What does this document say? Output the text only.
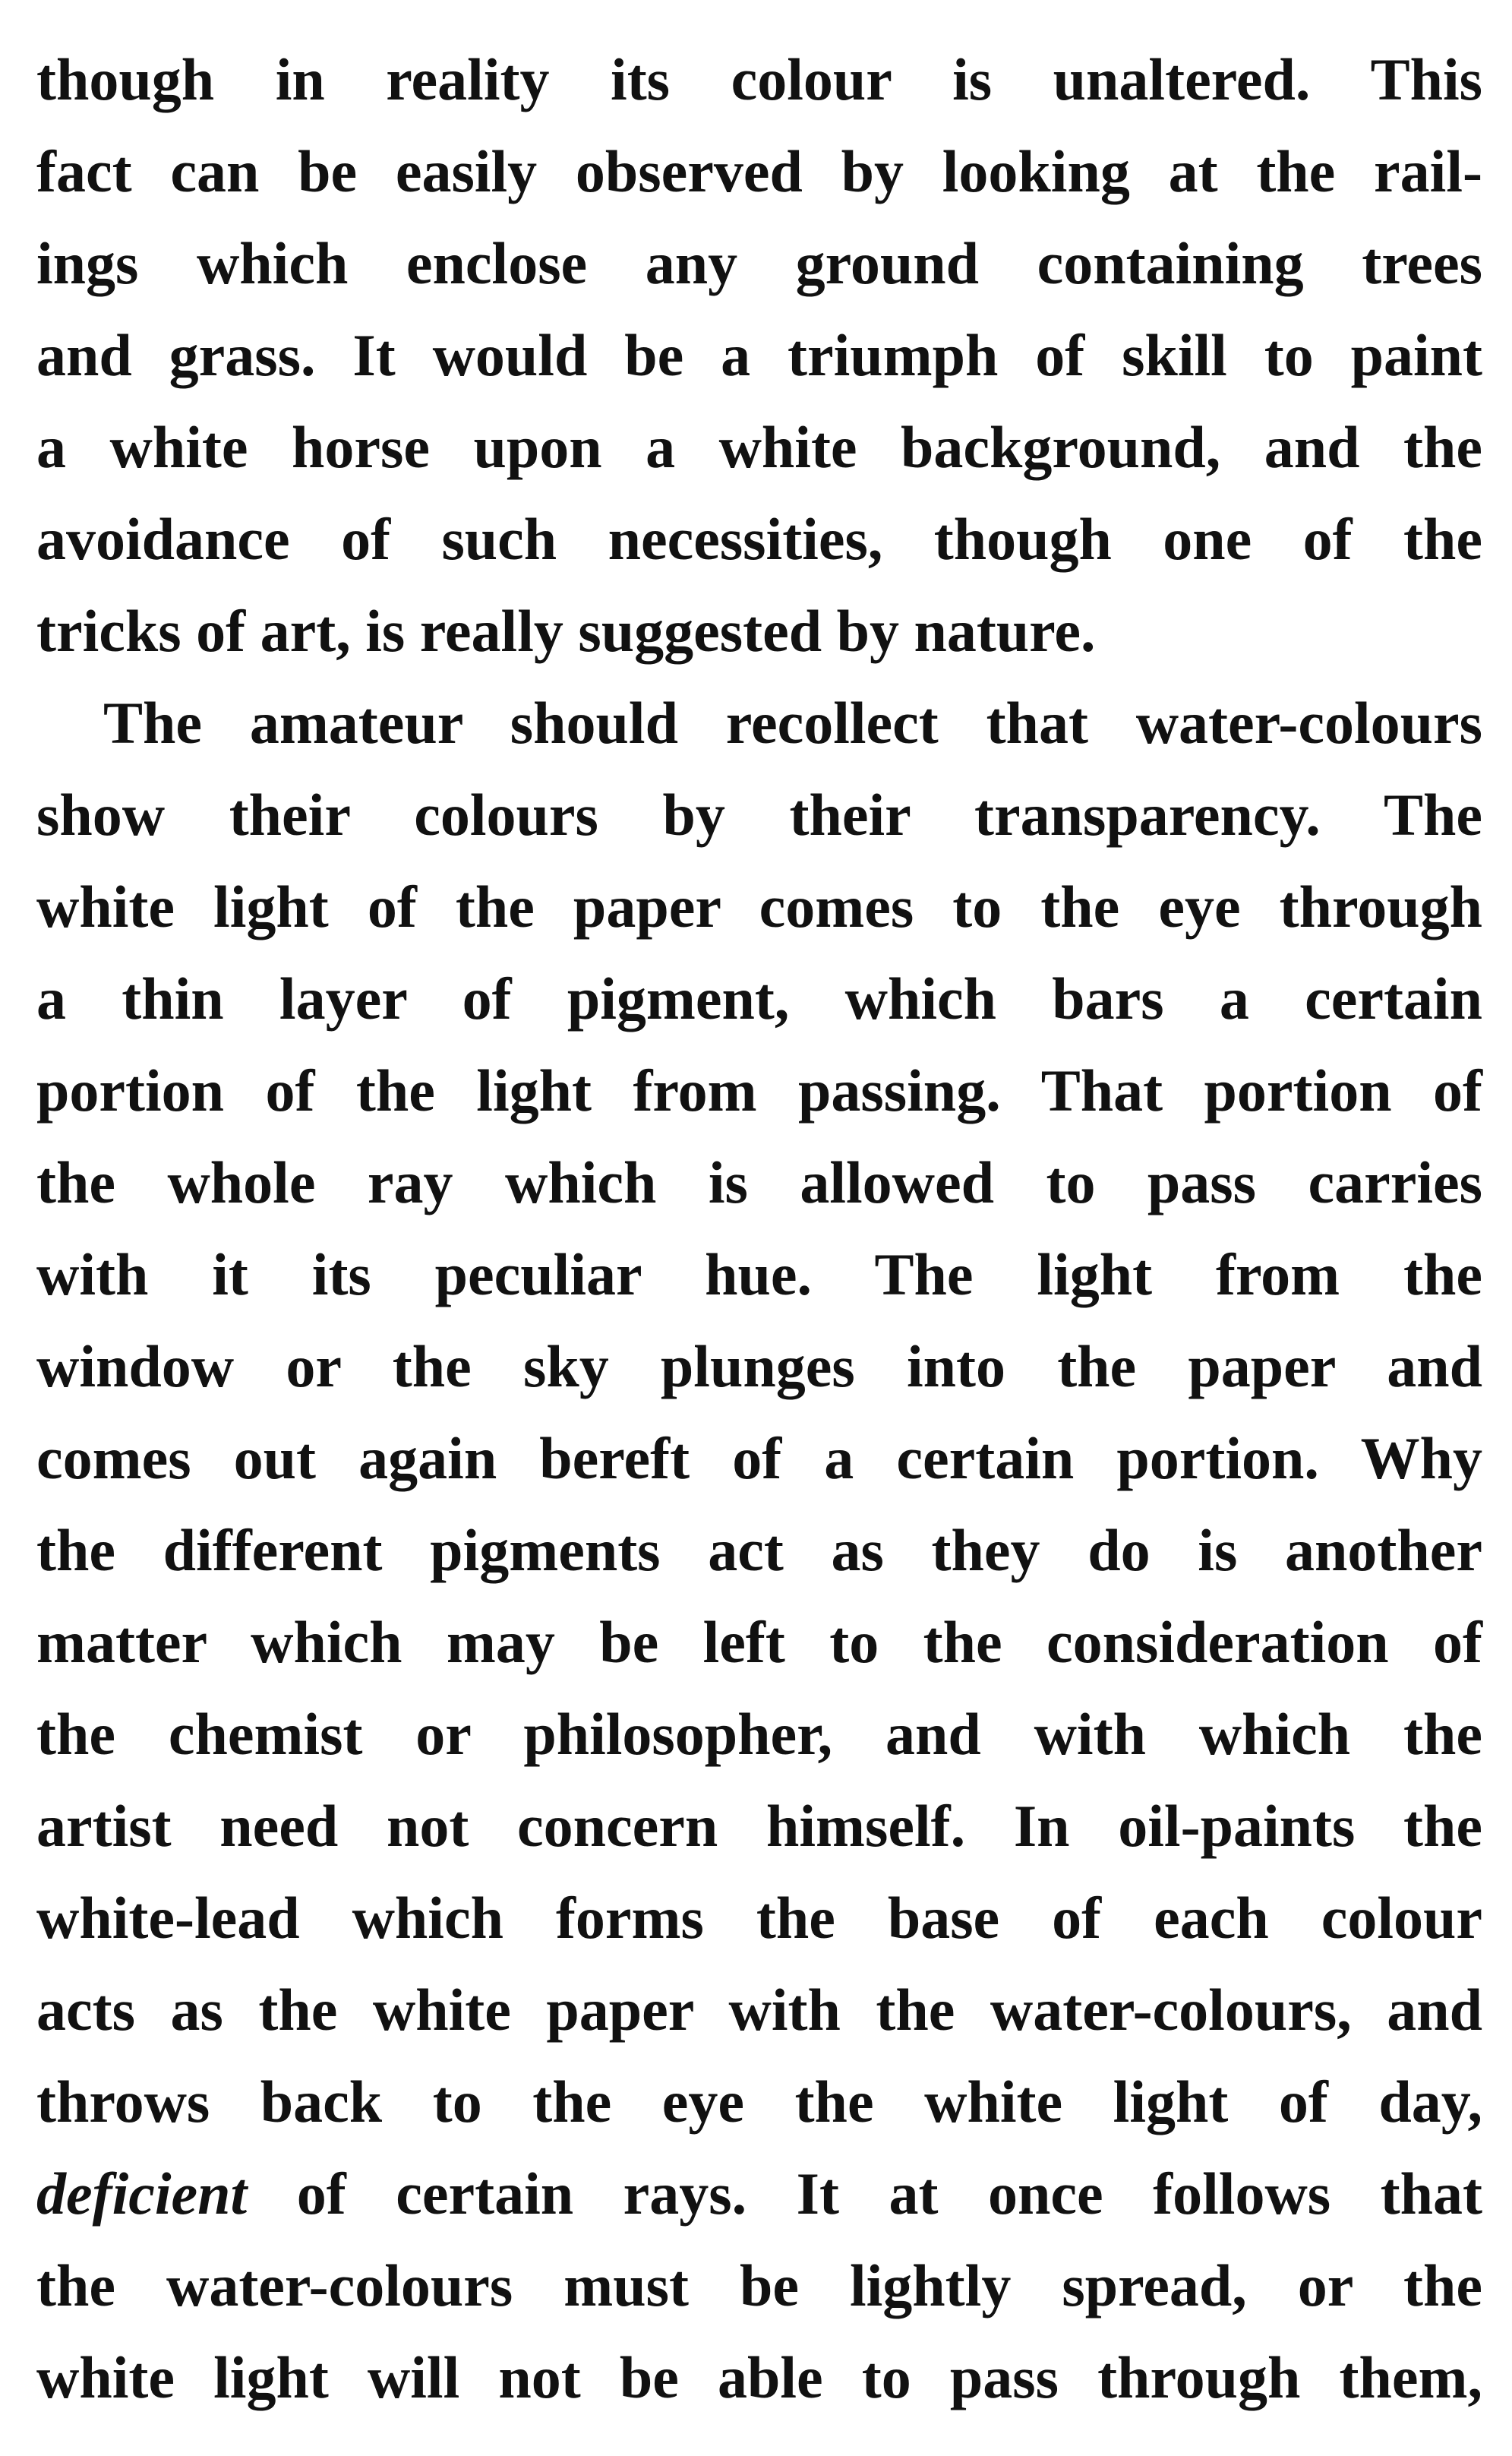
though in reality its colour is unaltered. This
fact can be easily observed by looking at the rail-
ings which enclose any ground containing trees
and grass. It would be a triumph of skill to paint
a white horse upon a white background, and the
avoidance of such necessities, though one of the
tricks of art, is really suggested by nature.
The amateur should recollect that water-colours
show their colours by their transparency. The
white light of the paper comes to the eye through
a thin layer of pigment, which bars a certain
portion of the light from passing. That portion of
the whole ray which is allowed to pass carries
with it its peculiar hue. The light from the
window or the sky plunges into the paper and
comes out again bereft of a certain portion. Why
the different pigments act as they do is another
matter which may be left to the consideration of
the chemist or philosopher, and with which the
artist need not concern himself. In oil-paints the
white-lead which forms the base of each colour
acts as the white paper with the water-colours, and
throws back to the eye the white light of day,
deficient of certain rays. It at once follows that
the water-colours must be lightly spread, or the
white light will not be able to pass through them,
